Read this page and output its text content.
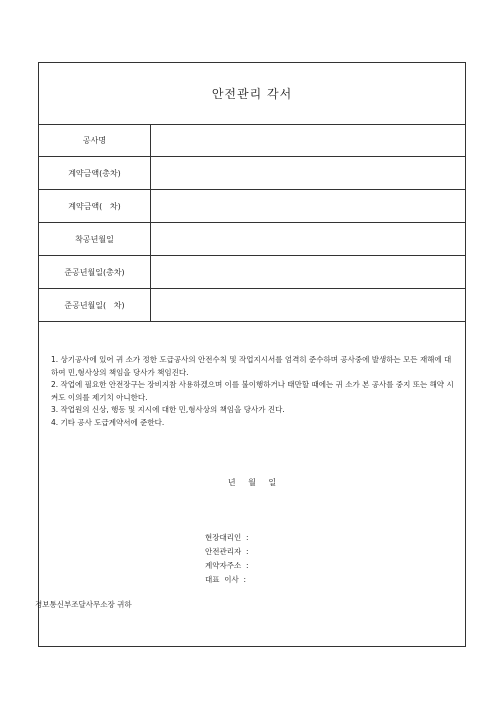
안전관리 각서
공사명
계약금액(총차)
계약금액(   차)
착공년월일
준공년월일(총차)
준공년월일(   차)

1. 상기공사에 있어 귀 소가 정한 도급공사의 안전수칙 및 작업지시서를 엄격히 준수하며 공사중에 발생하는 모든 재해에 대하여 민,형사상의 책임을 당사가 책임진다.

2. 작업에 필요한 안전장구는 장비지참 사용하겠으며 이를 불이행하거나 태만할 때에는 귀 소가 본 공사를 중지 또는 해약 시켜도 이의를 제기치 아니한다.

3. 작업원의 신상, 행동 및 지시에 대한 민,형사상의 책임을 당사가 진다.

4. 기타 공사 도급계약서에 준한다.

년 월 일
현장대리인  :
안전관리자  :
계약자주소  :
대표  이사  :
경보통신부조달사무소장 귀하
